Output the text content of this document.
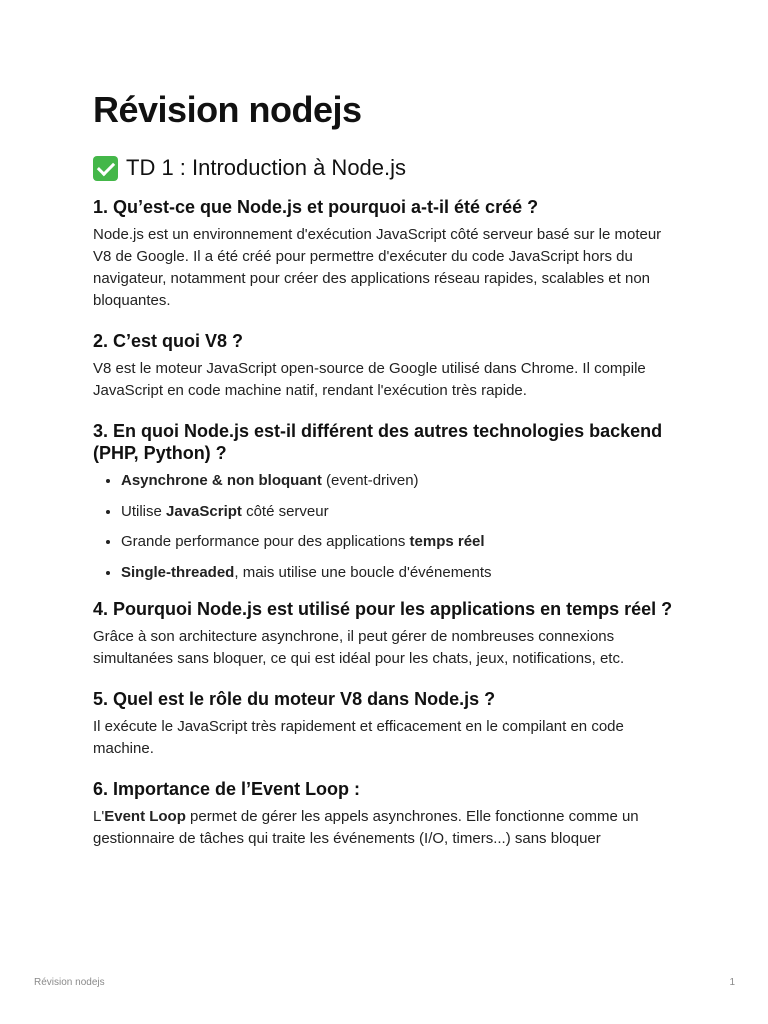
Révision nodejs
TD 1 : Introduction à Node.js
1. Qu’est-ce que Node.js et pourquoi a-t-il été créé ?

Node.js est un environnement d'exécution JavaScript côté serveur basé sur le moteur V8 de Google. Il a été créé pour permettre d'exécuter du code JavaScript hors du navigateur, notamment pour créer des applications réseau rapides, scalables et non bloquantes.

2. C’est quoi V8 ?

V8 est le moteur JavaScript open-source de Google utilisé dans Chrome. Il compile JavaScript en code machine natif, rendant l'exécution très rapide.

3. En quoi Node.js est-il différent des autres technologies backend (PHP, Python) ?
• Asynchrone & non bloquant (event-driven)
• Utilise JavaScript côté serveur
• Grande performance pour des applications temps réel
• Single-threaded, mais utilise une boucle d'événements
4. Pourquoi Node.js est utilisé pour les applications en temps réel ?

Grâce à son architecture asynchrone, il peut gérer de nombreuses connexions simultanées sans bloquer, ce qui est idéal pour les chats, jeux, notifications, etc.

5. Quel est le rôle du moteur V8 dans Node.js ?

Il exécute le JavaScript très rapidement et efficacement en le compilant en code machine.

6. Importance de l’Event Loop :

L'Event Loop permet de gérer les appels asynchrones. Elle fonctionne comme un gestionnaire de tâches qui traite les événements (I/O, timers...) sans bloquer

Révision nodejs	1
